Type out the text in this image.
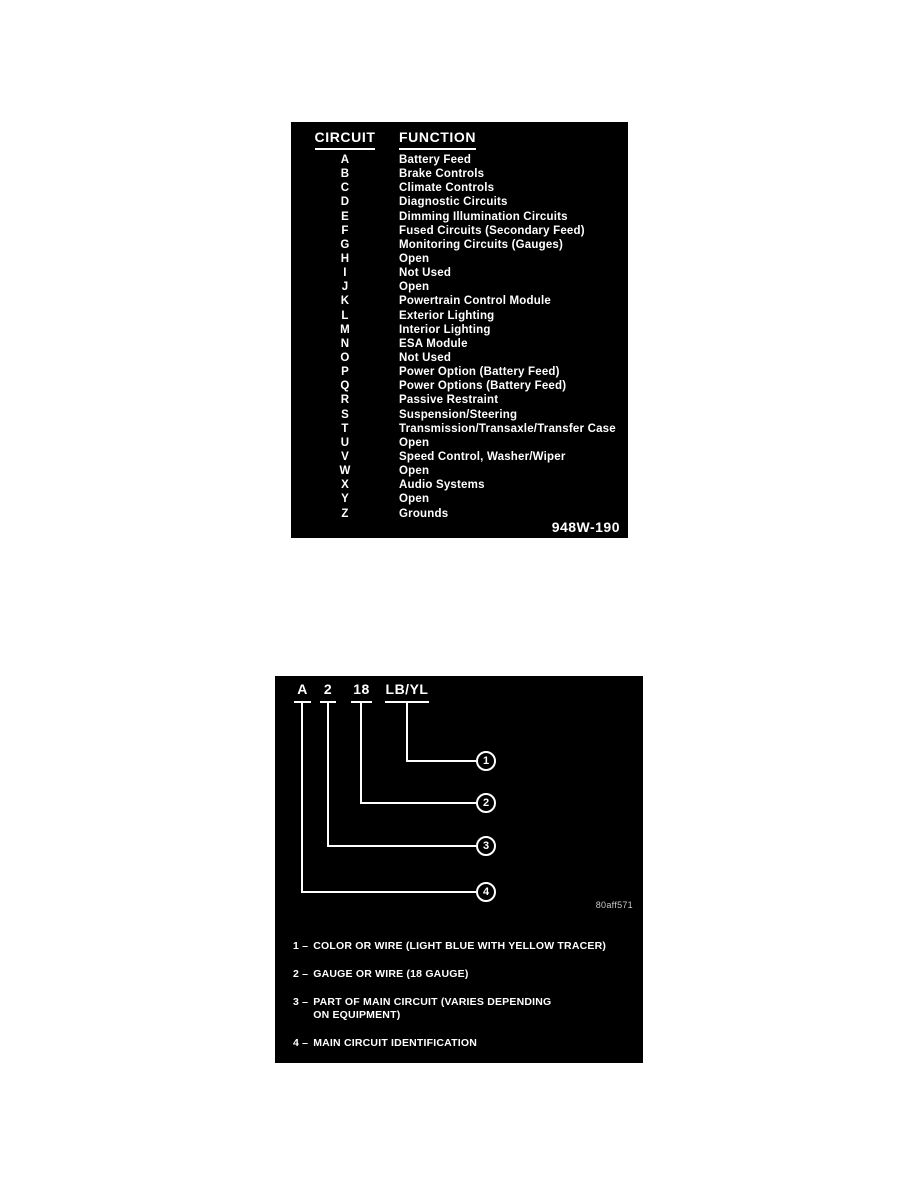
CIRCUIT FUNCTION
A	Battery Feed
B	Brake Controls
C	Climate Controls
D	Diagnostic Circuits
E	Dimming Illumination Circuits
F	Fused Circuits (Secondary Feed)
G	Monitoring Circuits (Gauges)
H	Open
I	Not Used
J	Open
K	Powertrain Control Module
L	Exterior Lighting
M	Interior Lighting
N	ESA Module
O	Not Used
P	Power Option (Battery Feed)
Q	Power Options (Battery Feed)
R	Passive Restraint
S	Suspension/Steering
T	Transmission/Transaxle/Transfer Case
U	Open
V	Speed Control, Washer/Wiper
W	Open
X	Audio Systems
Y	Open
Z	Grounds
948W-190
A 2 18 LB/YL
1
2
3
4
80aff571
1 – COLOR OR WIRE (LIGHT BLUE WITH YELLOW TRACER)
2 – GAUGE OR WIRE (18 GAUGE)
3 – PART OF MAIN CIRCUIT (VARIES DEPENDING ON EQUIPMENT)
4 – MAIN CIRCUIT IDENTIFICATION
